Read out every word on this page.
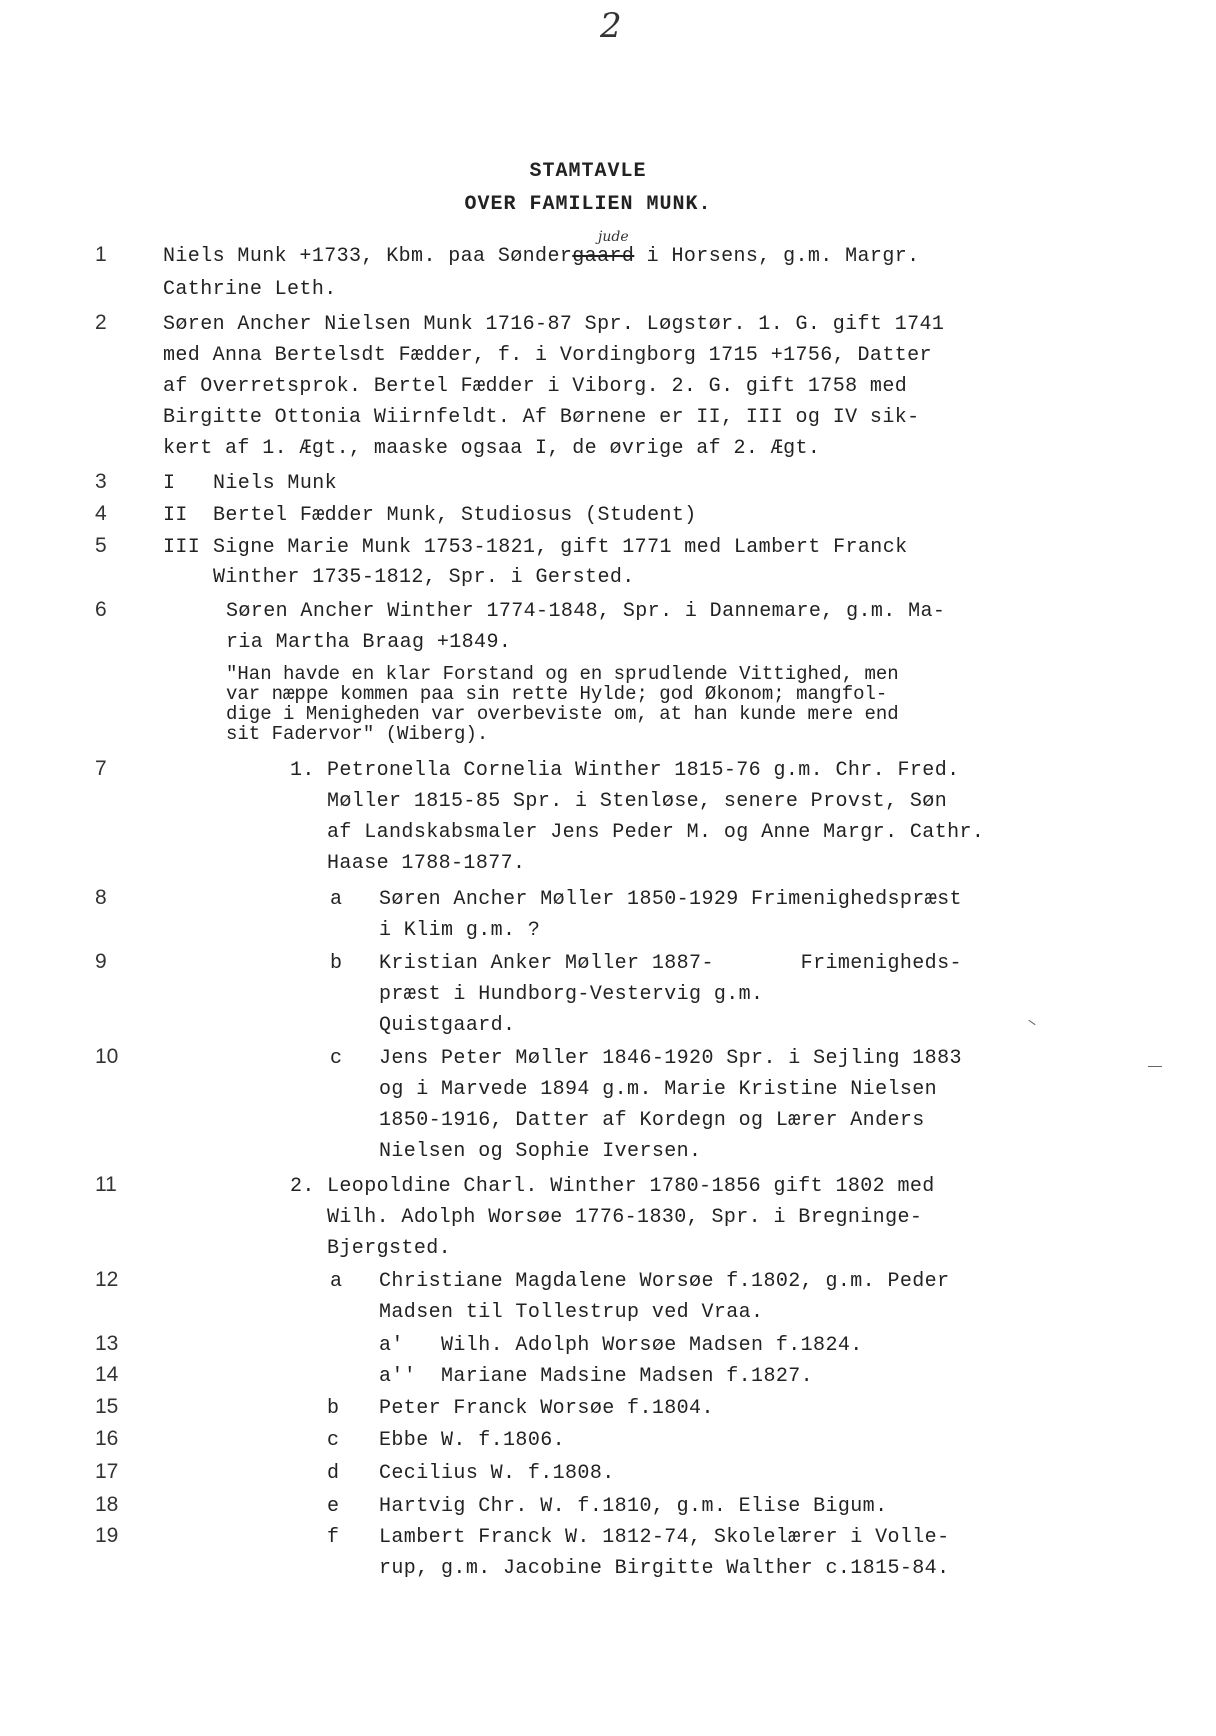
2
STAMTAVLE
OVER FAMILIEN MUNK.
1	Niels Munk +1733, Kbm. paa Søndergaard i Horsens, g.m. Margr.
jude
Cathrine Leth.
2	Søren Ancher Nielsen Munk 1716-87 Spr. Løgstør. 1. G. gift 1741
med Anna Bertelsdt Fædder, f. i Vordingborg 1715 +1756, Datter
af Overretsprok. Bertel Fædder i Viborg. 2. G. gift 1758 med
Birgitte Ottonia Wiirnfeldt. Af Børnene er II, III og IV sik-
kert af 1. Ægt., maaske ogsaa I, de øvrige af 2. Ægt.
3	I Niels Munk
4	II Bertel Fædder Munk, Studiosus (Student)
5	III Signe Marie Munk 1753-1821, gift 1771 med Lambert Franck
Winther 1735-1812, Spr. i Gersted.
6	Søren Ancher Winther 1774-1848, Spr. i Dannemare, g.m. Ma-
ria Martha Braag +1849.
"Han havde en klar Forstand og en sprudlende Vittighed, men
var næppe kommen paa sin rette Hylde; god Økonom; mangfol-
dige i Menigheden var overbeviste om, at han kunde mere end
sit Fadervor" (Wiberg).
7	1. Petronella Cornelia Winther 1815-76 g.m. Chr. Fred.
Møller 1815-85 Spr. i Stenløse, senere Provst, Søn
af Landskabsmaler Jens Peder M. og Anne Margr. Cathr.
Haase 1788-1877.
8	a Søren Ancher Møller 1850-1929 Frimenighedspræst
i Klim g.m. ?
9	b Kristian Anker Møller 1887-       Frimenigheds-
præst i Hundborg-Vestervig g.m.
Quistgaard.
10	c Jens Peter Møller 1846-1920 Spr. i Sejling 1883
og i Marvede 1894 g.m. Marie Kristine Nielsen
1850-1916, Datter af Kordegn og Lærer Anders
Nielsen og Sophie Iversen.
11	2. Leopoldine Charl. Winther 1780-1856 gift 1802 med
Wilh. Adolph Worsøe 1776-1830, Spr. i Bregninge-
Bjergsted.
12	a Christiane Magdalene Worsøe f.1802, g.m. Peder
Madsen til Tollestrup ved Vraa.
13	a' Wilh. Adolph Worsøe Madsen f.1824.
14	a'' Mariane Madsine Madsen f.1827.
15	b Peter Franck Worsøe f.1804.
16	c Ebbe W. f.1806.
17	d Cecilius W. f.1808.
18	e Hartvig Chr. W. f.1810, g.m. Elise Bigum.
19	f Lambert Franck W. 1812-74, Skolelærer i Volle-
rup, g.m. Jacobine Birgitte Walther c.1815-84.
